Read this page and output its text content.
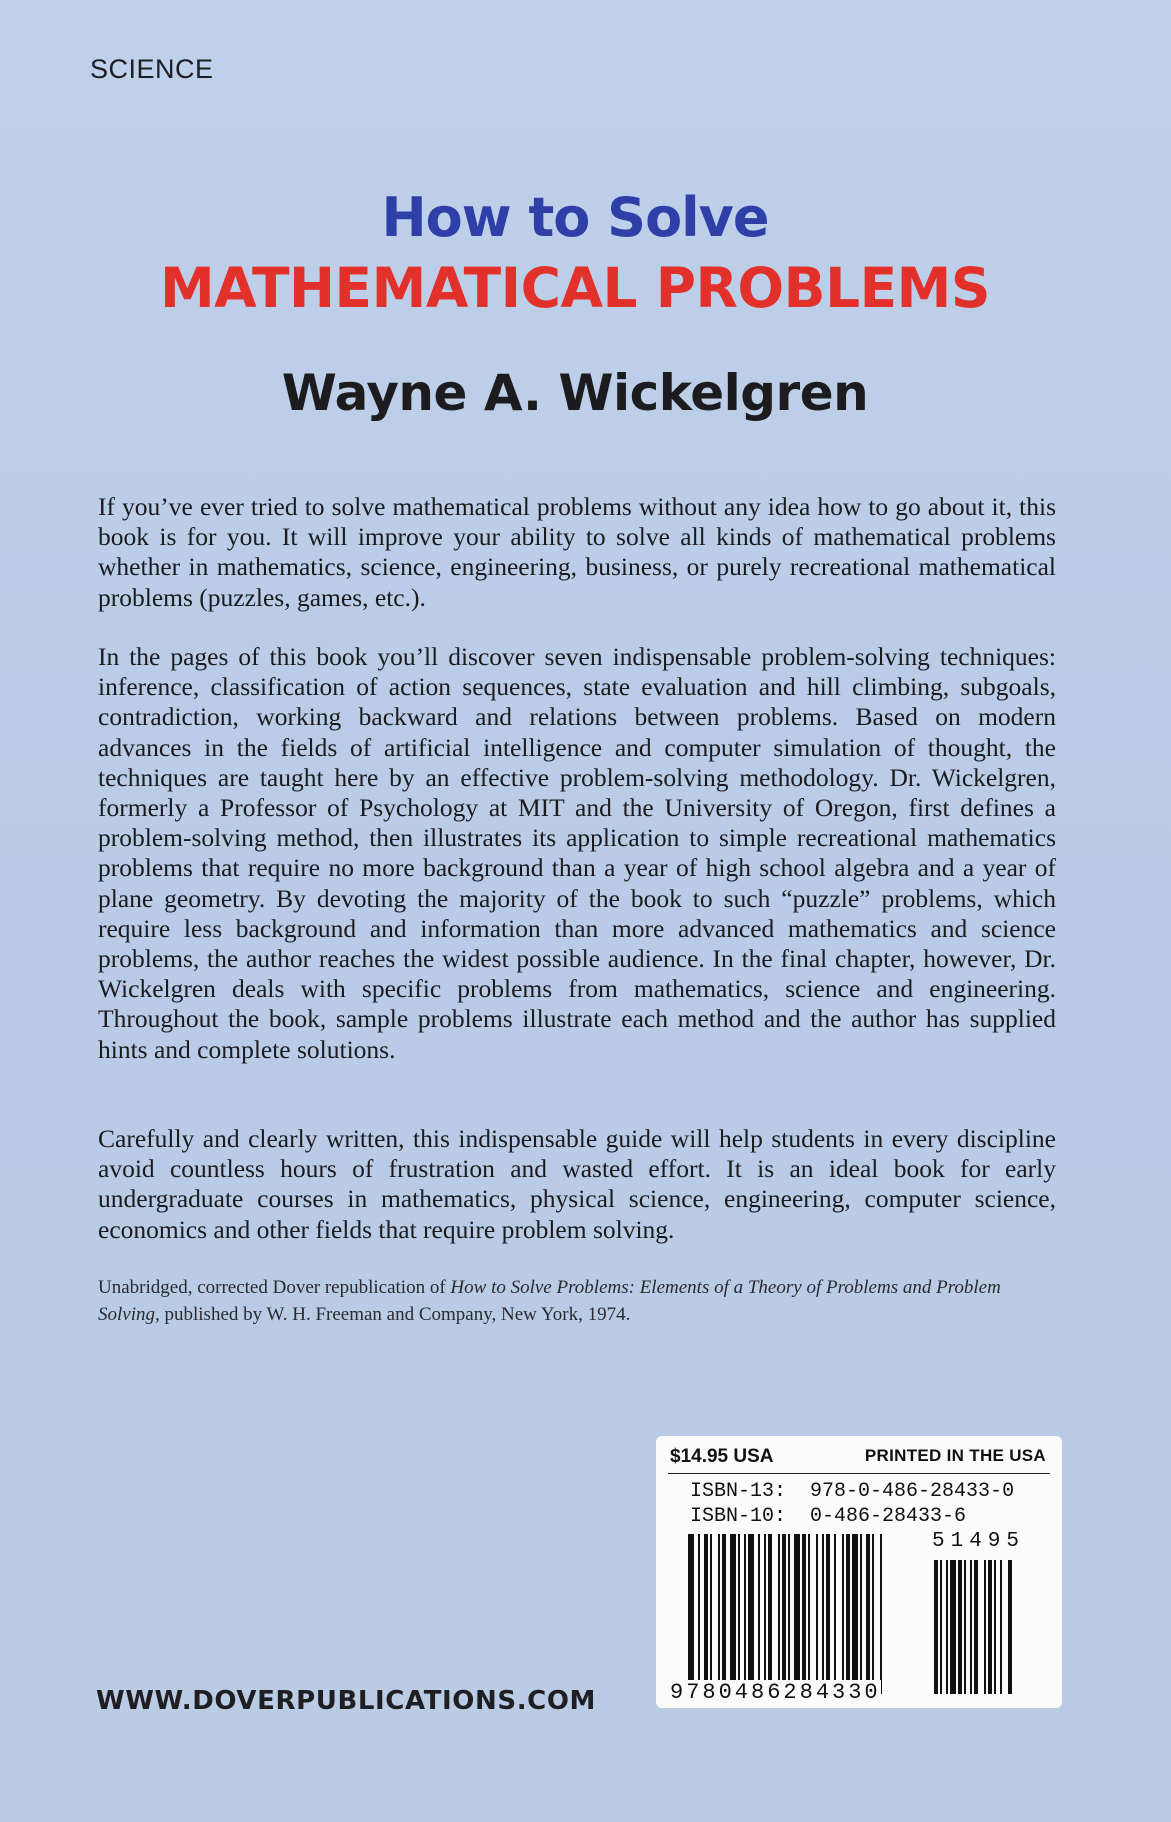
SCIENCE
How to Solve
MATHEMATICAL PROBLEMS
Wayne A. Wickelgren
If you’ve ever tried to solve mathematical problems without any idea how to go about it, this book is for you. It will improve your ability to solve all kinds of mathematical problems whether in mathematics, science, engineering, business, or purely recreational mathematical problems (puzzles, games, etc.).
In the pages of this book you’ll discover seven indispensable problem-solving techniques: inference, classification of action sequences, state evaluation and hill climbing, subgoals, contradiction, working backward and relations between problems. Based on modern advances in the fields of artificial intelligence and computer simulation of thought, the techniques are taught here by an effective problem-solving methodology. Dr. Wickelgren, formerly a Professor of Psychology at MIT and the University of Oregon, first defines a problem-solving method, then illustrates its application to simple recreational mathematics problems that require no more background than a year of high school algebra and a year of plane geometry. By devoting the majority of the book to such “puzzle” problems, which require less background and information than more advanced mathematics and science problems, the author reaches the widest possible audience. In the final chapter, however, Dr. Wickelgren deals with specific problems from mathematics, science and engineering. Throughout the book, sample problems illustrate each method and the author has supplied hints and complete solutions.
Carefully and clearly written, this indispensable guide will help students in every discipline avoid countless hours of frustration and wasted effort. It is an ideal book for early undergraduate courses in mathematics, physical science, engineering, computer science, economics and other fields that require problem solving.
Unabridged, corrected Dover republication of How to Solve Problems: Elements of a Theory of Problems and Problem Solving, published by W. H. Freeman and Company, New York, 1974.
$14.95 USA	PRINTED IN THE USA
ISBN-13: 978-0-486-28433-0
ISBN-10: 0-486-28433-6
51495
9780486284330
WWW.DOVERPUBLICATIONS.COM
